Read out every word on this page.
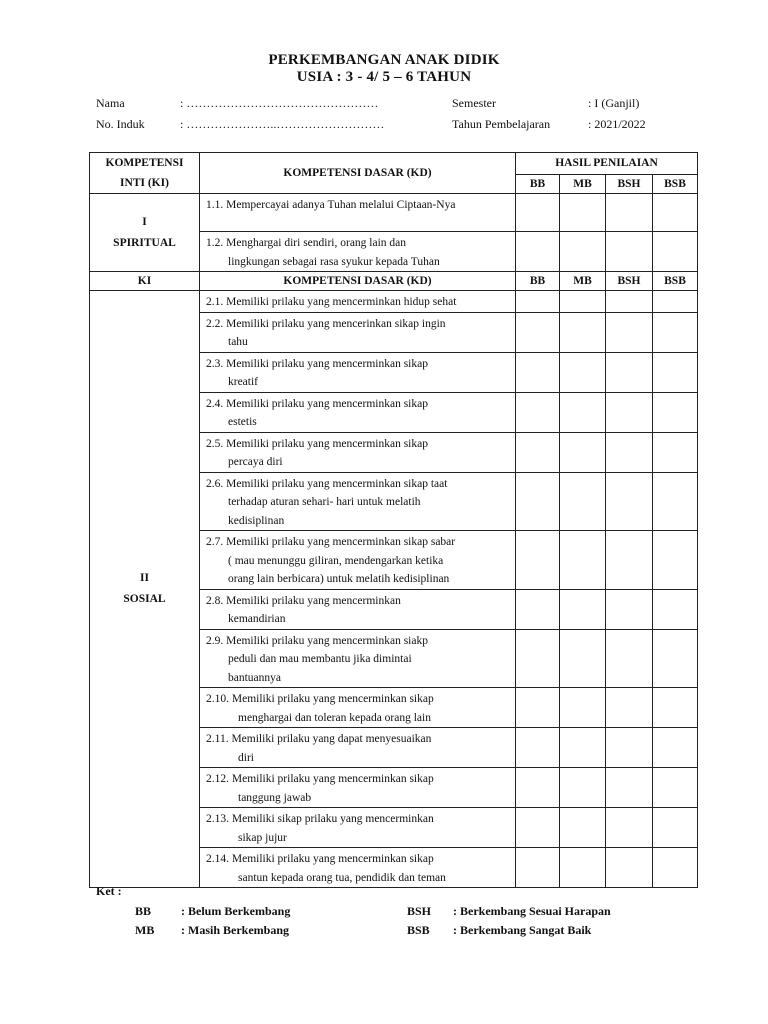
PERKEMBANGAN ANAK DIDIK
USIA : 3 - 4/ 5 – 6 TAHUN
Nama	: …………………………………………	Semester	: I (Ganjil)
No. Induk	: …………………..………………………	Tahun Pembelajaran	: 2021/2022
KOMPETENSI
INTI (KI)	KOMPETENSI DASAR (KD)	HASIL PENILAIAN			
		BB	MB	BSH	BSB

I
SPIRITUAL	1.1. Mempercayai adanya Tuhan melalui Ciptaan-Nya				

	1.2. Menghargai diri sendiri, orang lain dan
lingkungan sebagai rasa syukur kepada Tuhan				

KI	KOMPETENSI DASAR (KD)	BB	MB	BSH	BSB

II
SOSIAL	2.1. Memiliki prilaku yang mencerminkan hidup sehat				

	2.2. Memiliki prilaku yang mencerinkan sikap ingin
tahu				

	2.3. Memiliki prilaku yang mencerminkan sikap
kreatif				

	2.4. Memiliki prilaku yang mencerminkan sikap
estetis				

	2.5. Memiliki prilaku yang mencerminkan sikap
percaya diri				

	2.6. Memiliki prilaku yang mencerminkan sikap taat
terhadap aturan sehari- hari untuk melatih
kedisiplinan				

	2.7. Memiliki prilaku yang mencerminkan sikap sabar
( mau menunggu giliran, mendengarkan ketika
orang lain berbicara) untuk melatih kedisiplinan				

	2.8. Memiliki prilaku yang mencerminkan
kemandirian				

	2.9. Memiliki prilaku yang mencerminkan siakp
peduli dan mau membantu jika dimintai
bantuannya				

	2.10. Memiliki prilaku yang mencerminkan sikap
menghargai dan toleran kepada orang lain				

	2.11. Memiliki prilaku yang dapat menyesuaikan
diri				

	2.12. Memiliki prilaku yang mencerminkan sikap
tanggung jawab				

	2.13. Memiliki sikap prilaku yang mencerminkan
sikap jujur				

	2.14. Memiliki prilaku yang mencerminkan sikap
santun kepada orang tua, pendidik dan teman				

Ket :
BB : Belum Berkembang
MB : Masih Berkembang
BSH : Berkembang Sesuai Harapan
BSB : Berkembang Sangat Baik
